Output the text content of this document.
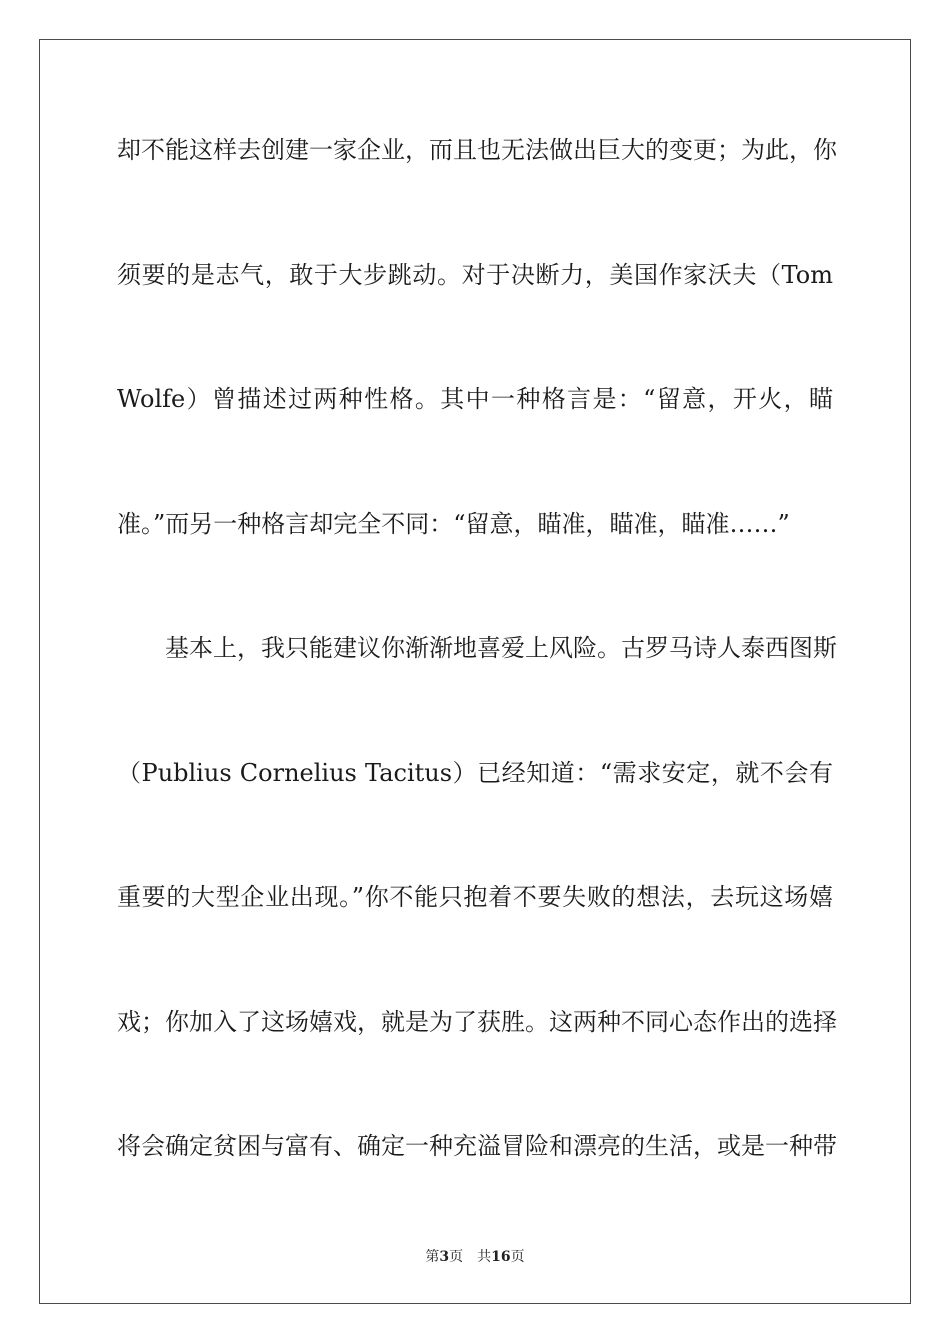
却不能这样去创建一家企业，而且也无法做出巨大的变更；为此，你
须要的是志气，敢于大步跳动。对于决断力，美国作家沃夫（Tom
Wolfe）曾描述过两种性格。其中一种格言是：“留意，开火，瞄
准。”而另一种格言却完全不同：“留意，瞄准，瞄准，瞄准……”
基本上，我只能建议你渐渐地喜爱上风险。古罗马诗人泰西图斯
（Publius Cornelius Tacitus）已经知道：“需求安定，就不会有
重要的大型企业出现。”你不能只抱着不要失败的想法，去玩这场嬉
戏；你加入了这场嬉戏，就是为了获胜。这两种不同心态作出的选择
将会确定贫困与富有、确定一种充溢冒险和漂亮的生活，或是一种带
第3页 共16页
